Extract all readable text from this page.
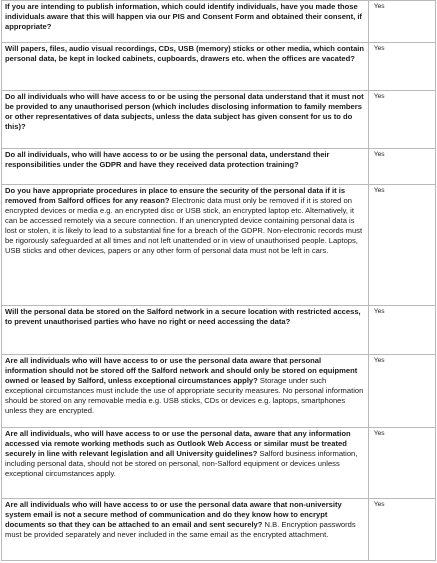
If you are intending to publish information, which could identify individuals, have you made those individuals aware that this will happen via our PIS and Consent Form and obtained their consent, if appropriate?	Yes
Will papers, files, audio visual recordings, CDs, USB (memory) sticks or other media, which contain personal data, be kept in locked cabinets, cupboards, drawers etc. when the offices are vacated?	Yes
Do all individuals who will have access to or be using the personal data understand that it must not be provided to any unauthorised person (which includes disclosing information to family members or other representatives of data subjects, unless the data subject has given consent for us to do this)?	Yes
Do all individuals, who will have access to or be using the personal data, understand their responsibilities under the GDPR and have they received data protection training?	Yes
Do you have appropriate procedures in place to ensure the security of the personal data if it is removed from Salford offices for any reason? Electronic data must only be removed if it is stored on encrypted devices or media e.g. an encrypted disc or USB stick, an encrypted laptop etc. Alternatively, it can be accessed remotely via a secure connection. If an unencrypted device containing personal data is lost or stolen, it is likely to lead to a substantial fine for a breach of the GDPR. Non-electronic records must be rigorously safeguarded at all times and not left unattended or in view of unauthorised people. Laptops, USB sticks and other devices, papers or any other form of personal data must not be left in cars.	Yes
Will the personal data be stored on the Salford network in a secure location with restricted access, to prevent unauthorised parties who have no right or need accessing the data?	Yes
Are all individuals who will have access to or use the personal data aware that personal information should not be stored off the Salford network and should only be stored on equipment owned or leased by Salford, unless exceptional circumstances apply? Storage under such exceptional circumstances must include the use of appropriate security measures. No personal information should be stored on any removable media e.g. USB sticks, CDs or devices e.g. laptops, smartphones unless they are encrypted.	Yes
Are all individuals, who will have access to or use the personal data, aware that any information accessed via remote working methods such as Outlook Web Access or similar must be treated securely in line with relevant legislation and all University guidelines? Salford business information, including personal data, should not be stored on personal, non-Salford equipment or devices unless exceptional circumstances apply.	Yes
Are all individuals who will have access to or use the personal data aware that non-university system email is not a secure method of communication and do they know how to encrypt documents so that they can be attached to an email and sent securely? N.B. Encryption passwords must be provided separately and never included in the same email as the encrypted attachment.	Yes
